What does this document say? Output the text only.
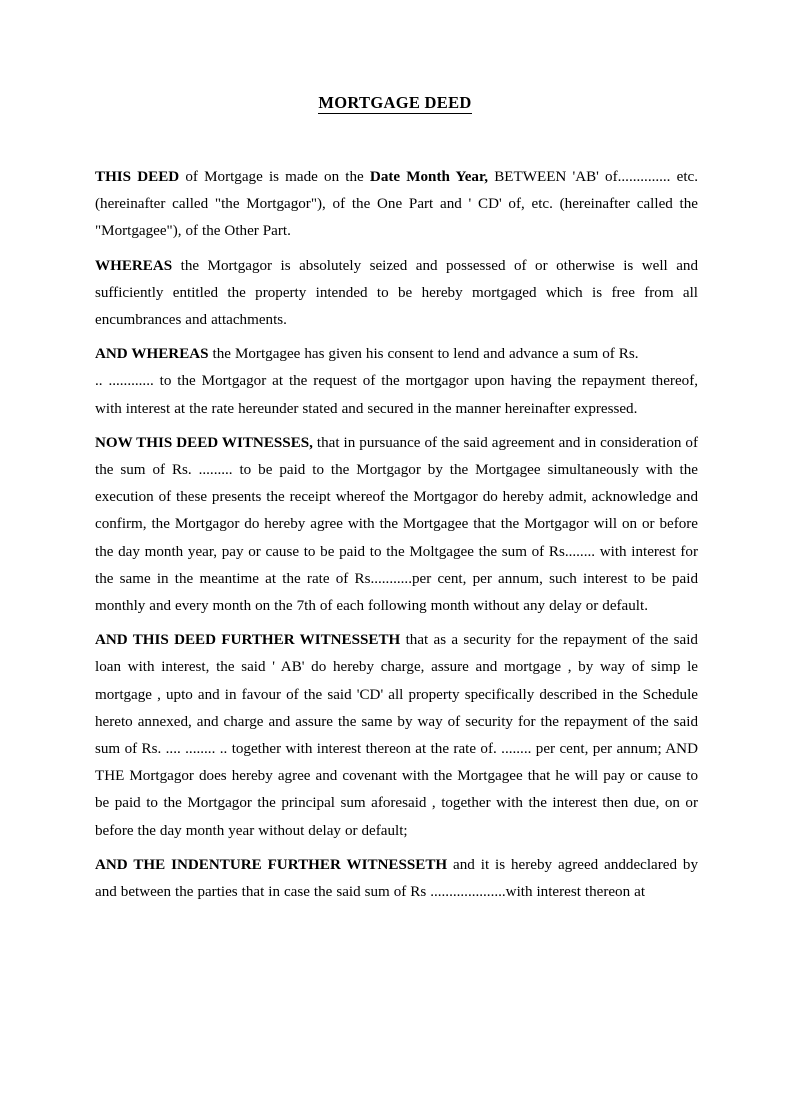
MORTGAGE DEED

THIS DEED of Mortgage is made on the Date Month Year, BETWEEN 'AB' of.............. etc. (hereinafter called "the Mortgagor"), of the One Part and ' CD' of, etc. (hereinafter called the "Mortgagee"), of the Other Part.

WHEREAS the Mortgagor is absolutely seized and possessed of or otherwise is well and sufficiently entitled the property intended to be hereby mortgaged which is free from all encumbrances and attachments.

AND WHEREAS the Mortgagee has given his consent to lend and advance a sum of Rs.
.. ............ to the Mortgagor at the request of the mortgagor upon having the repayment thereof, with interest at the rate hereunder stated and secured in the manner hereinafter expressed.

NOW THIS DEED WITNESSES, that in pursuance of the said agreement and in consideration of the sum of Rs. ......... to be paid to the Mortgagor by the Mortgagee simultaneously with the execution of these presents the receipt whereof the Mortgagor do hereby admit, acknowledge and confirm, the Mortgagor do hereby agree with the Mortgagee that the Mortgagor will on or before the day month year, pay or cause to be paid to the Moltgagee the sum of Rs........ with interest for the same in the meantime at the rate of Rs...........per cent, per annum, such interest to be paid monthly and every month on the 7th of each following month without any delay or default.

AND THIS DEED FURTHER WITNESSETH that as a security for the repayment of the said loan with interest, the said ' AB' do hereby charge, assure and mortgage , by way of simp le mortgage , upto and in favour of the said 'CD' all property specifically described in the Schedule hereto annexed, and charge and assure the same by way of security for the repayment of the said sum of Rs. .... ........ .. together with interest thereon at the rate of. ........ per cent, per annum; AND THE Mortgagor does hereby agree and covenant with the Mortgagee that he will pay or cause to be paid to the Mortgagor the principal sum aforesaid , together with the interest then due, on or before the day month year without delay or default;

AND THE INDENTURE FURTHER WITNESSETH and it is hereby agreed anddeclared by and between the parties that in case the said sum of Rs ....................with interest thereon at
